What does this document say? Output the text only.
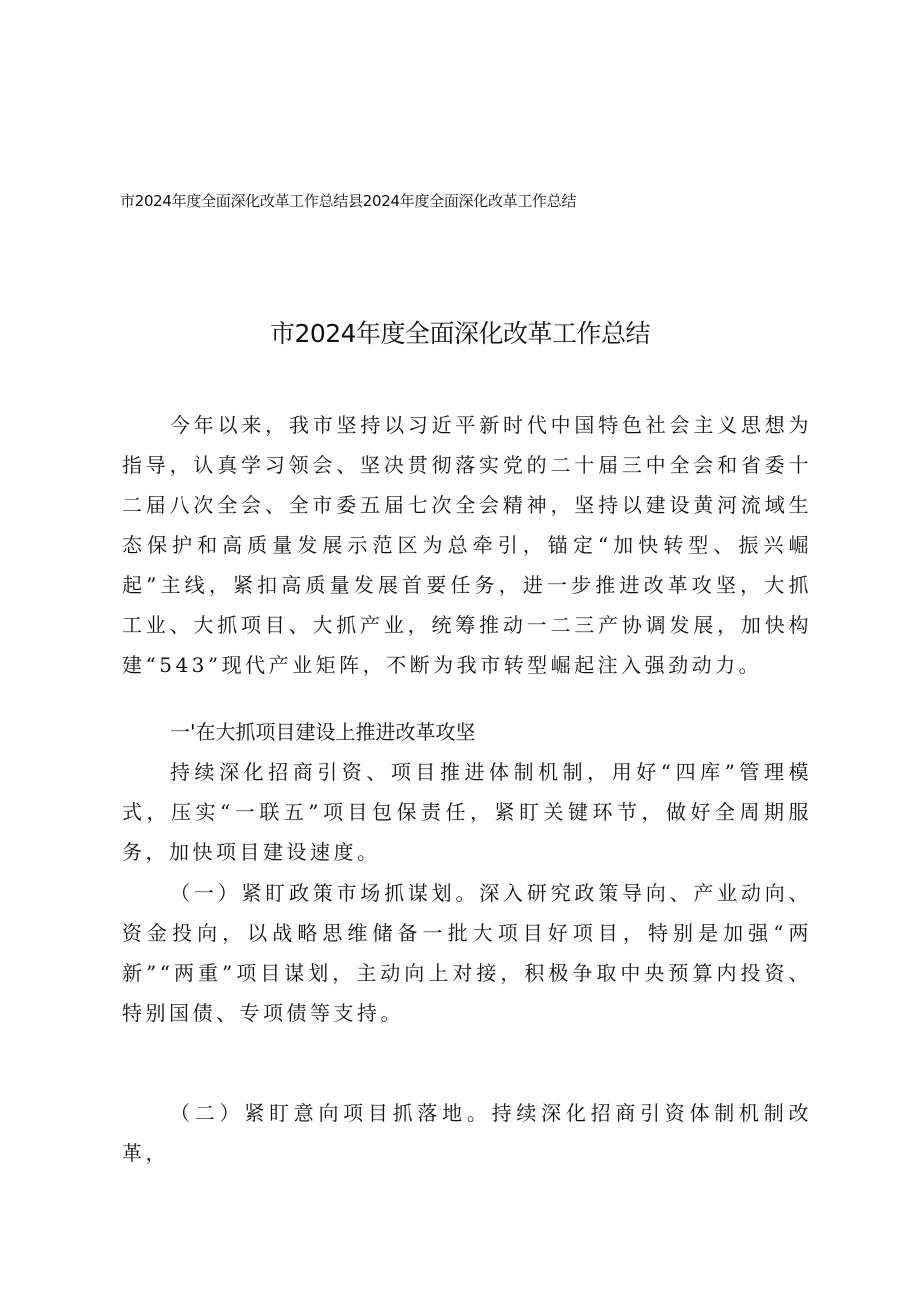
市2024年度全面深化改革工作总结县2024年度全面深化改革工作总结
市2024年度全面深化改革工作总结

今年以来，我市坚持以习近平新时代中国特色社会主义思想为指导，认真学习领会、坚决贯彻落实党的二十届三中全会和省委十二届八次全会、全市委五届七次全会精神，坚持以建设黄河流域生态保护和高质量发展示范区为总牵引，锚定“加快转型、振兴崛起”主线，紧扣高质量发展首要任务，进一步推进改革攻坚，大抓工业、大抓项目、大抓产业，统筹推动一二三产协调发展，加快构建“543”现代产业矩阵，不断为我市转型崛起注入强劲动力。

一'在大抓项目建设上推进改革攻坚

持续深化招商引资、项目推进体制机制，用好“四库”管理模式，压实“一联五”项目包保责任，紧盯关键环节，做好全周期服务，加快项目建设速度。

（一）紧盯政策市场抓谋划。深入研究政策导向、产业动向、资金投向，以战略思维储备一批大项目好项目，特别是加强“两新”“两重”项目谋划，主动向上对接，积极争取中央预算内投资、特别国债、专项债等支持。

（二）紧盯意向项目抓落地。持续深化招商引资体制机制改革，
